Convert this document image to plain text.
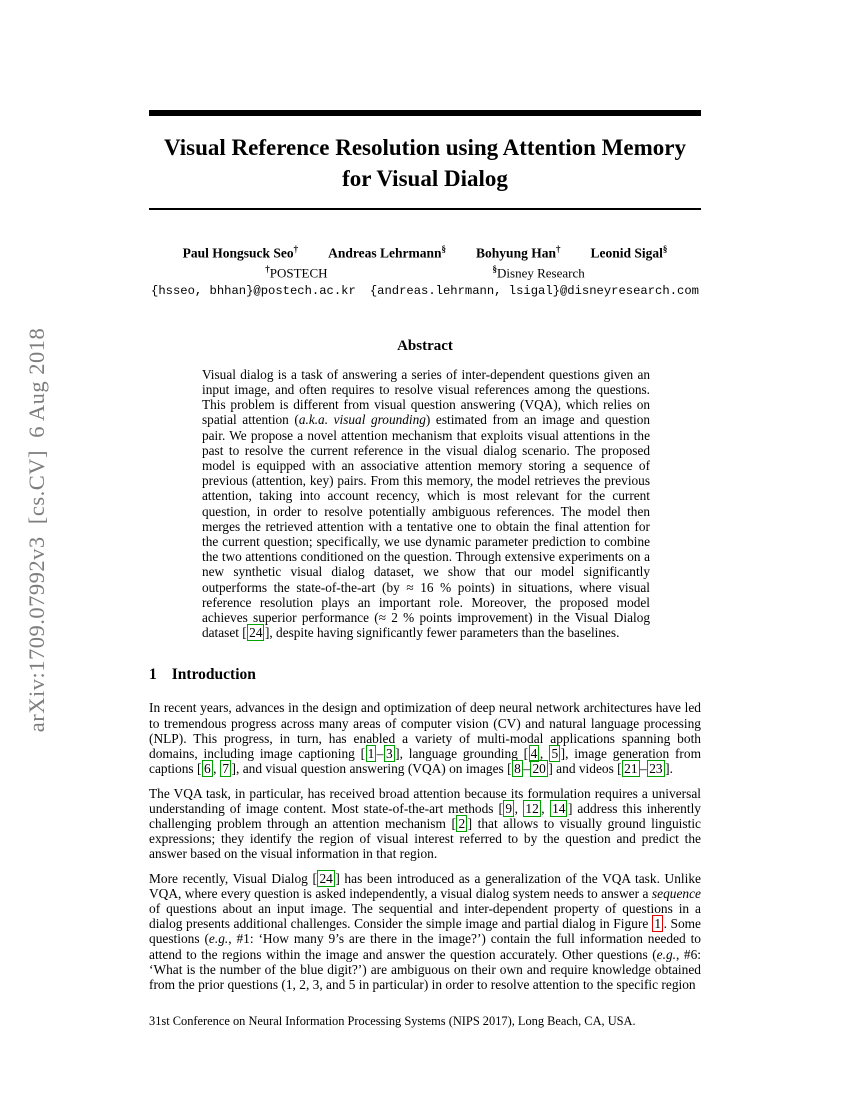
arXiv:1709.07992v3  [cs.CV]  6 Aug 2018
Visual Reference Resolution using Attention Memory
for Visual Dialog
Paul Hongsuck Seo† Andreas Lehrmann§ Bohyung Han† Leonid Sigal§
†POSTECH	§Disney Research
{hsseo, bhhan}@postech.ac.kr {andreas.lehrmann, lsigal}@disneyresearch.com
Abstract
Visual dialog is a task of answering a series of inter-dependent questions given an input image, and often requires to resolve visual references among the questions. This problem is different from visual question answering (VQA), which relies on spatial attention (a.k.a. visual grounding) estimated from an image and question pair. We propose a novel attention mechanism that exploits visual attentions in the past to resolve the current reference in the visual dialog scenario. The proposed model is equipped with an associative attention memory storing a sequence of previous (attention, key) pairs. From this memory, the model retrieves the previous attention, taking into account recency, which is most relevant for the current question, in order to resolve potentially ambiguous references. The model then merges the retrieved attention with a tentative one to obtain the final attention for the current question; specifically, we use dynamic parameter prediction to combine the two attentions conditioned on the question. Through extensive experiments on a new synthetic visual dialog dataset, we show that our model significantly outperforms the state-of-the-art (by ≈ 16 % points) in situations, where visual reference resolution plays an important role. Moreover, the proposed model achieves superior performance (≈ 2 % points improvement) in the Visual Dialog dataset [ 24 ], despite having significantly fewer parameters than the baselines.
1 Introduction

In recent years, advances in the design and optimization of deep neural network architectures have led to tremendous progress across many areas of computer vision (CV) and natural language processing (NLP). This progress, in turn, has enabled a variety of multi-modal applications spanning both domains, including image captioning [ 1 – 3 ], language grounding [ 4 , 5 ], image generation from captions [ 6 , 7 ], and visual question answering (VQA) on images [ 8 – 20 ] and videos [ 21 – 23 ].

The VQA task, in particular, has received broad attention because its formulation requires a universal understanding of image content. Most state-of-the-art methods [ 9 , 12 , 14 ] address this inherently challenging problem through an attention mechanism [ 2 ] that allows to visually ground linguistic expressions; they identify the region of visual interest referred to by the question and predict the answer based on the visual information in that region.

More recently, Visual Dialog [ 24 ] has been introduced as a generalization of the VQA task. Unlike VQA, where every question is asked independently, a visual dialog system needs to answer a sequence of questions about an input image. The sequential and inter-dependent property of questions in a dialog presents additional challenges. Consider the simple image and partial dialog in Figure 1 . Some questions (e.g., #1: ‘How many 9’s are there in the image?’) contain the full information needed to attend to the regions within the image and answer the question accurately. Other questions (e.g., #6: ‘What is the number of the blue digit?’) are ambiguous on their own and require knowledge obtained from the prior questions (1, 2, 3, and 5 in particular) in order to resolve attention to the specific region

31st Conference on Neural Information Processing Systems (NIPS 2017), Long Beach, CA, USA.
